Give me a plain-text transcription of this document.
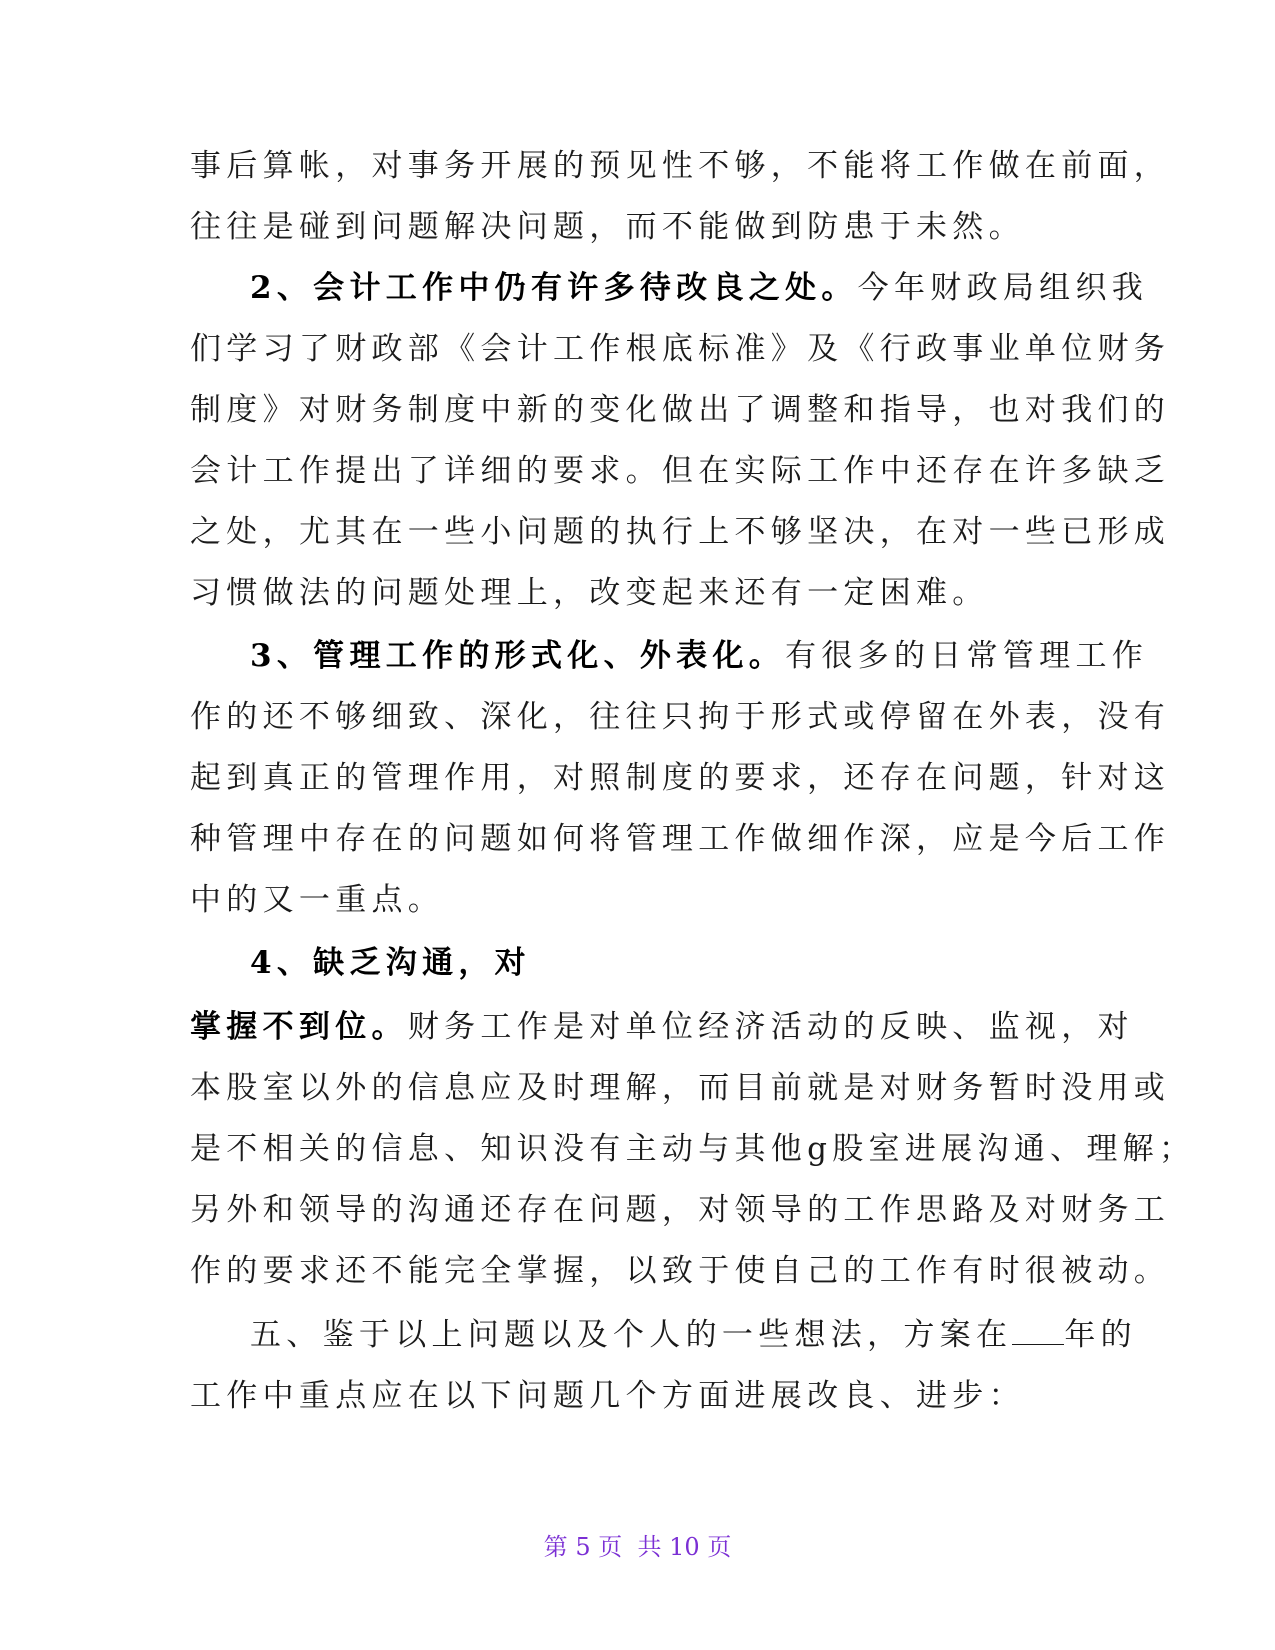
事后算帐，对事务开展的预见性不够，不能将工作做在前面，
往往是碰到问题解决问题，而不能做到防患于未然。
2、会计工作中仍有许多待改良之处。今年财政局组织我
们学习了财政部《会计工作根底标准》及《行政事业单位财务
制度》对财务制度中新的变化做出了调整和指导，也对我们的
会计工作提出了详细的要求。但在实际工作中还存在许多缺乏
之处，尤其在一些小问题的执行上不够坚决，在对一些已形成
习惯做法的问题处理上，改变起来还有一定困难。
3、管理工作的形式化、外表化。有很多的日常管理工作
作的还不够细致、深化，往往只拘于形式或停留在外表，没有
起到真正的管理作用，对照制度的要求，还存在问题，针对这
种管理中存在的问题如何将管理工作做细作深，应是今后工作
中的又一重点。
4、缺乏沟通，对
掌握不到位。财务工作是对单位经济活动的反映、监视，对
本股室以外的信息应及时理解，而目前就是对财务暂时没用或
是不相关的信息、知识没有主动与其他g股室进展沟通、理解；
另外和领导的沟通还存在问题，对领导的工作思路及对财务工
作的要求还不能完全掌握，以致于使自己的工作有时很被动。
五、鉴于以上问题以及个人的一些想法，方案在 年的
工作中重点应在以下问题几个方面进展改良、进步：
第 5 页  共 10 页
